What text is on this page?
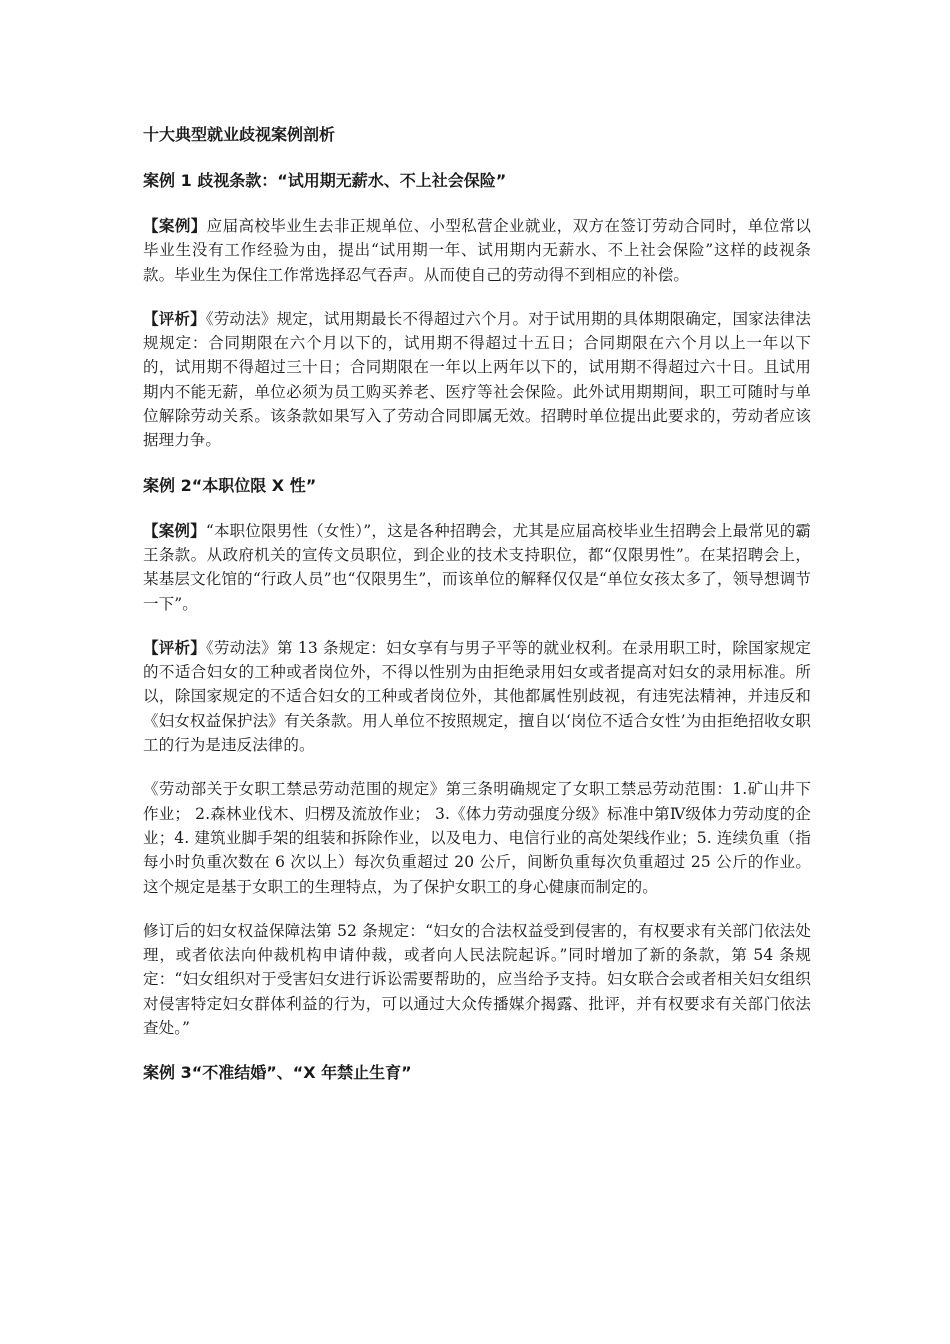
十大典型就业歧视案例剖析
案例 1 歧视条款：“试用期无薪水、不上社会保险”

【案例】应届高校毕业生去非正规单位、小型私营企业就业，双方在签订劳动合同时，单位常以毕业生没有工作经验为由，提出“试用期一年、试用期内无薪水、不上社会保险”这样的歧视条款。毕业生为保住工作常选择忍气吞声。从而使自己的劳动得不到相应的补偿。

【评析】《劳动法》规定，试用期最长不得超过六个月。对于试用期的具体期限确定，国家法律法规规定：合同期限在六个月以下的，试用期不得超过十五日；合同期限在六个月以上一年以下的，试用期不得超过三十日；合同期限在一年以上两年以下的，试用期不得超过六十日。且试用期内不能无薪，单位必须为员工购买养老、医疗等社会保险。此外试用期期间，职工可随时与单位解除劳动关系。该条款如果写入了劳动合同即属无效。招聘时单位提出此要求的，劳动者应该据理力争。

案例 2“本职位限 X 性”

【案例】“本职位限男性（女性）”，这是各种招聘会，尤其是应届高校毕业生招聘会上最常见的霸王条款。从政府机关的宣传文员职位，到企业的技术支持职位，都“仅限男性”。在某招聘会上，某基层文化馆的“行政人员”也“仅限男生”，而该单位的解释仅仅是“单位女孩太多了，领导想调节一下”。

【评析】《劳动法》第 13 条规定：妇女享有与男子平等的就业权利。在录用职工时，除国家规定的不适合妇女的工种或者岗位外，不得以性别为由拒绝录用妇女或者提高对妇女的录用标准。所以，除国家规定的不适合妇女的工种或者岗位外，其他都属性别歧视，有违宪法精神，并违反和《妇女权益保护法》有关条款。用人单位不按照规定，擅自以‘岗位不适合女性’为由拒绝招收女职工的行为是违反法律的。

《劳动部关于女职工禁忌劳动范围的规定》第三条明确规定了女职工禁忌劳动范围：1.矿山井下作业； 2.森林业伐木、归楞及流放作业； 3.《体力劳动强度分级》标准中第Ⅳ级体力劳动度的企业；4. 建筑业脚手架的组装和拆除作业，以及电力、电信行业的高处架线作业；5. 连续负重（指每小时负重次数在 6 次以上）每次负重超过 20 公斤，间断负重每次负重超过 25 公斤的作业。这个规定是基于女职工的生理特点，为了保护女职工的身心健康而制定的。

修订后的妇女权益保障法第 52 条规定：“妇女的合法权益受到侵害的，有权要求有关部门依法处理，或者依法向仲裁机构申请仲裁，或者向人民法院起诉。”同时增加了新的条款，第 54 条规定：“妇女组织对于受害妇女进行诉讼需要帮助的，应当给予支持。妇女联合会或者相关妇女组织对侵害特定妇女群体利益的行为，可以通过大众传播媒介揭露、批评，并有权要求有关部门依法查处。”

案例 3“不准结婚”、“X 年禁止生育”
